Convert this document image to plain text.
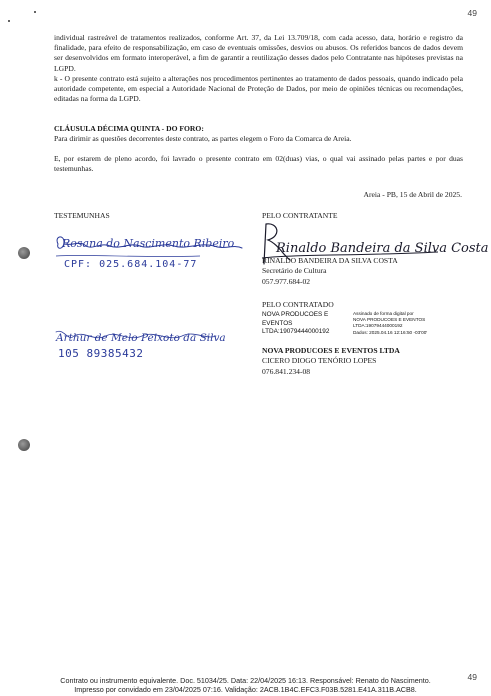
49

individual rastreável de tratamentos realizados, conforme Art. 37, da Lei 13.709/18, com cada acesso, data, horário e registro da finalidade, para efeito de responsabilização, em caso de eventuais omissões, desvios ou abusos. Os referidos bancos de dados devem ser desenvolvidos em formato interoperável, a fim de garantir a reutilização desses dados pelo Contratante nas hipóteses previstas na LGPD.

k - O presente contrato está sujeito a alterações nos procedimentos pertinentes ao tratamento de dados pessoais, quando indicado pela autoridade competente, em especial a Autoridade Nacional de Proteção de Dados, por meio de opiniões técnicas ou recomendações, editadas na forma da LGPD.

CLÁUSULA DÉCIMA QUINTA - DO FORO:
Para dirimir as questões decorrentes deste contrato, as partes elegem o Foro da Comarca de Areia.

E, por estarem de pleno acordo, foi lavrado o presente contrato em 02(duas) vias, o qual vai assinado pelas partes e por duas testemunhas.

Areia - PB, 15 de Abril de 2025.
TESTEMUNHAS
Rosana do Nascimento Ribeiro
CPF: 025.684.104-77
Arthur de Melo Peixoto da Silva
105 89385432
PELO CONTRATANTE
Rinaldo Bandeira da Silva Costa
RINALDO BANDEIRA DA SILVA COSTA
Secretário de Cultura
057.977.684-02
PELO CONTRATADO
NOVA PRODUCOES E
EVENTOS
LTDA:19079444000192
Assinado de forma digital por
NOVA PRODUCOES E EVENTOS
LTDA:19079444000192
Dados: 2025.04.16 12:16:50 -03'00'
NOVA PRODUCOES E EVENTOS LTDA
CICERO DIOGO TENÓRIO LOPES
076.841.234-08
49
Contrato ou instrumento equivalente. Doc. 51034/25. Data: 22/04/2025 16:13. Responsável: Renato do Nascimento.
Impresso por convidado em 23/04/2025 07:16. Validação: 2ACB.1B4C.EFC3.F03B.5281.E41A.311B.ACB8.
